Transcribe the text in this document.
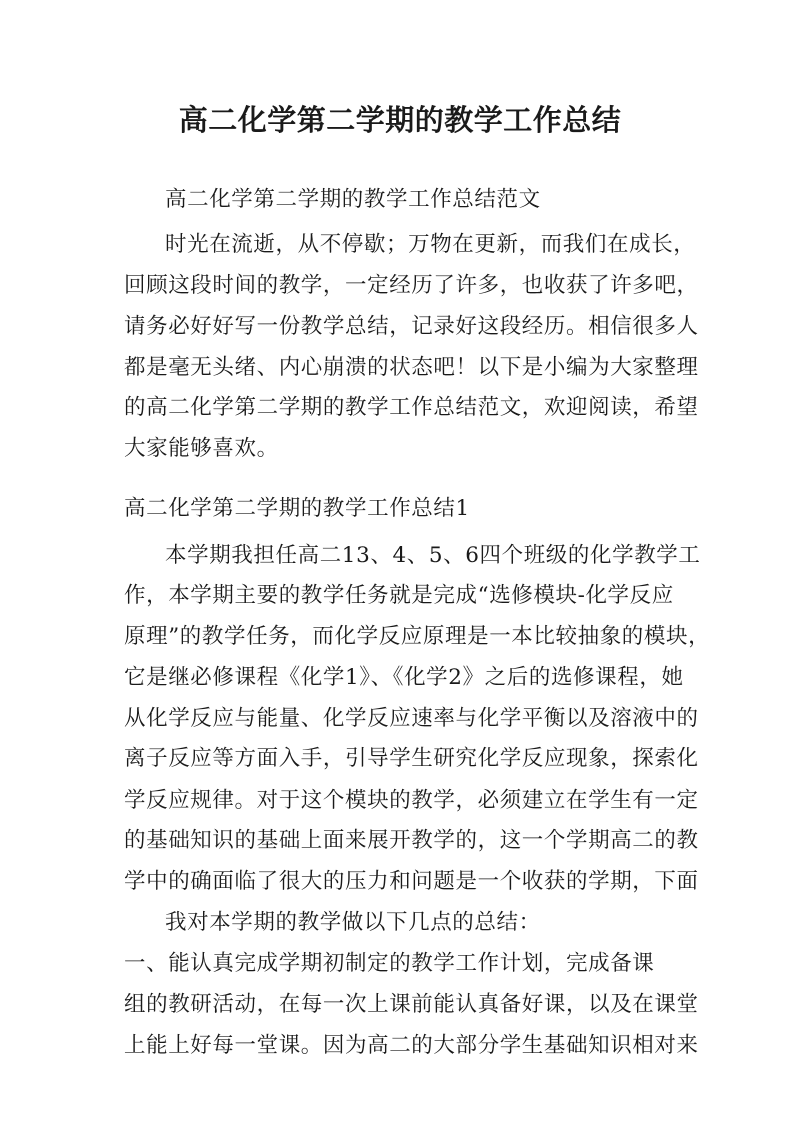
高二化学第二学期的教学工作总结
高二化学第二学期的教学工作总结范文
时光在流逝，从不停歇；万物在更新，而我们在成长，
回顾这段时间的教学，一定经历了许多，也收获了许多吧，
请务必好好写一份教学总结，记录好这段经历。相信很多人
都是毫无头绪、内心崩溃的状态吧！以下是小编为大家整理
的高二化学第二学期的教学工作总结范文，欢迎阅读，希望
大家能够喜欢。
高二化学第二学期的教学工作总结1
本学期我担任高二13、4、5、6四个班级的化学教学工
作，本学期主要的教学任务就是完成“选修模块-化学反应
原理”的教学任务，而化学反应原理是一本比较抽象的模块，
它是继必修课程《化学1》、《化学2》之后的选修课程，她
从化学反应与能量、化学反应速率与化学平衡以及溶液中的
离子反应等方面入手，引导学生研究化学反应现象，探索化
学反应规律。对于这个模块的教学，必须建立在学生有一定
的基础知识的基础上面来展开教学的，这一个学期高二的教
学中的确面临了很大的压力和问题是一个收获的学期，下面
我对本学期的教学做以下几点的总结：
一、能认真完成学期初制定的教学工作计划，完成备课
组的教研活动，在每一次上课前能认真备好课，以及在课堂
上能上好每一堂课。因为高二的大部分学生基础知识相对来
